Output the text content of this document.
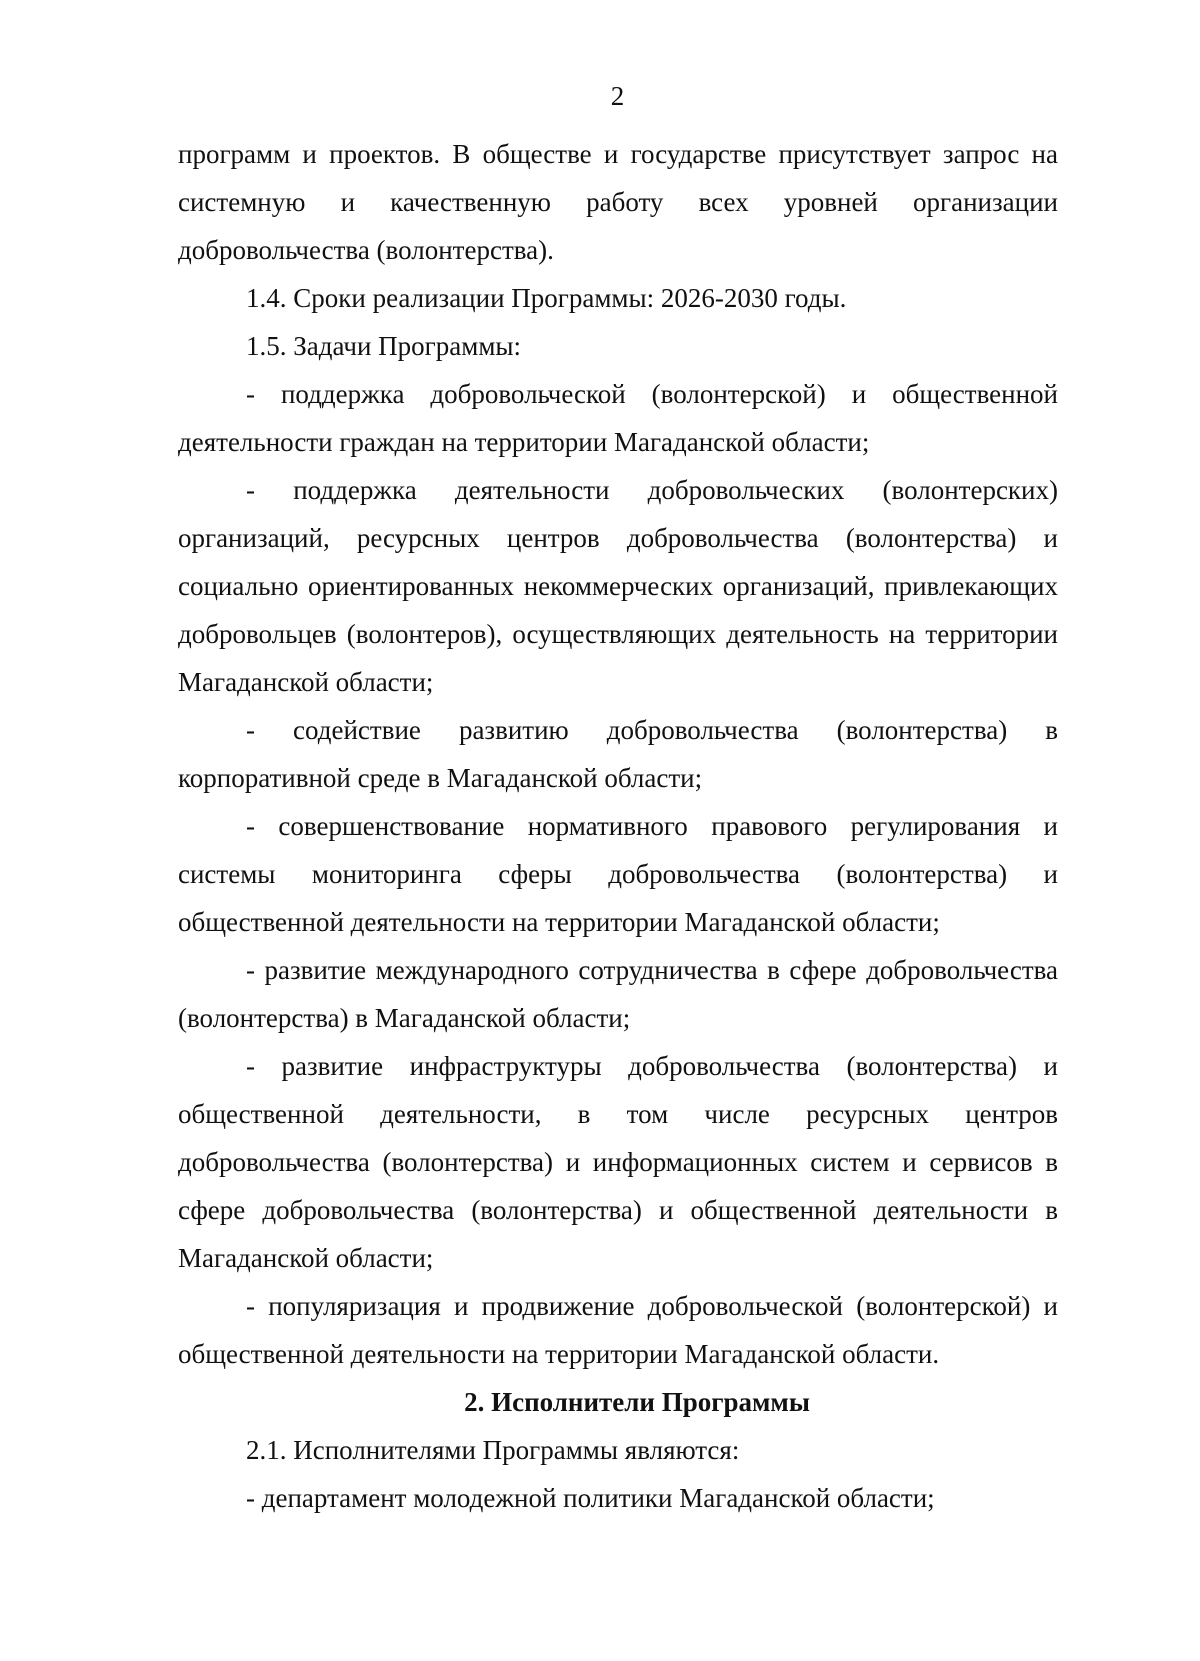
2

программ и проектов. В обществе и государстве присутствует запрос на системную и качественную работу всех уровней организации добровольчества (волонтерства).

1.4. Сроки реализации Программы: 2026-2030 годы.

1.5. Задачи Программы:

- поддержка добровольческой (волонтерской) и общественной деятельности граждан на территории Магаданской области;

- поддержка деятельности добровольческих (волонтерских) организаций, ресурсных центров добровольчества (волонтерства) и социально ориентированных некоммерческих организаций, привлекающих добровольцев (волонтеров), осуществляющих деятельность на территории Магаданской области;

- содействие развитию добровольчества (волонтерства) в корпоративной среде в Магаданской области;

- совершенствование нормативного правового регулирования и системы мониторинга сферы добровольчества (волонтерства) и общественной деятельности на территории Магаданской области;

- развитие международного сотрудничества в сфере добровольчества (волонтерства) в Магаданской области;

- развитие инфраструктуры добровольчества (волонтерства) и общественной деятельности, в том числе ресурсных центров добровольчества (волонтерства) и информационных систем и сервисов в сфере добровольчества (волонтерства) и общественной деятельности в Магаданской области;

- популяризация и продвижение добровольческой (волонтерской) и общественной деятельности на территории Магаданской области.

2. Исполнители Программы

2.1. Исполнителями Программы являются:

- департамент молодежной политики Магаданской области;
